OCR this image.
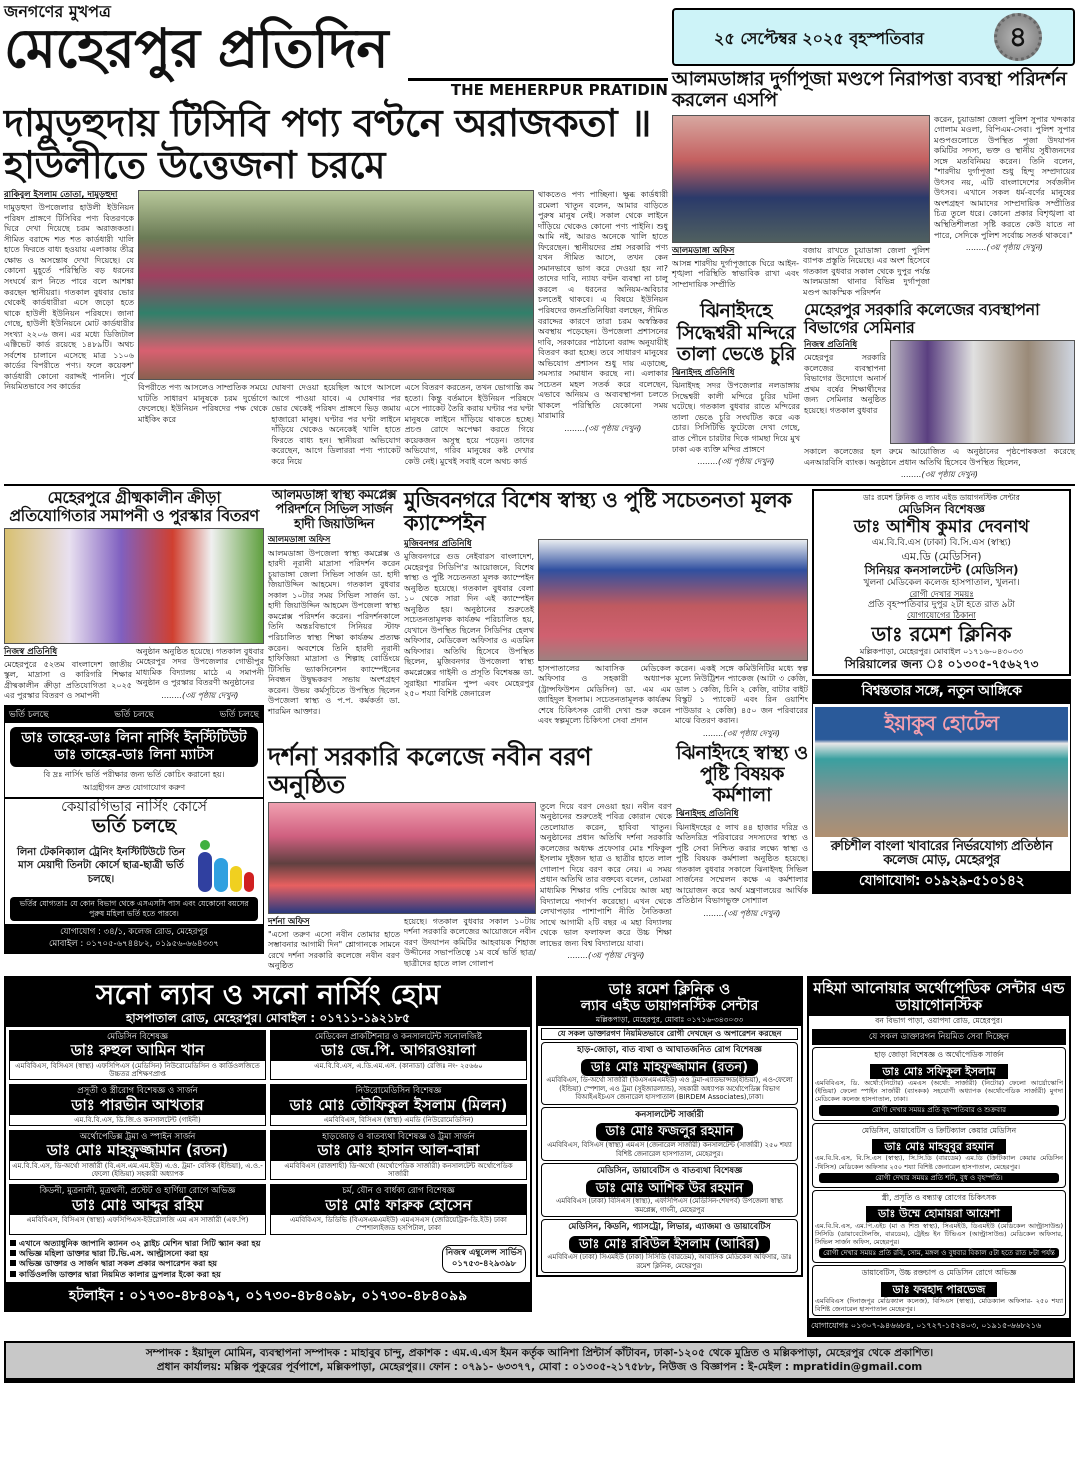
জনগণের মুখপত্র
মেহেরপুর প্রতিদিন
THE MEHERPUR PRATIDIN
দামুড়হুদায় টিসিবি পণ্য বণ্টনে অরাজকতা ॥ হাউলীতে উত্তেজনা চরমে
রাকিবুল ইসলাম তোতা, দামুড়হুদা
দামুড়হুদা উপজেলার হাউলী ইউনিয়ন পরিষদ প্রাঙ্গণে টিসিবির পণ্য বিতরণকে ঘিরে দেখা দিয়েছে চরম অরাজকতা। সীমিত বরাদ্দে শত শত কার্ডধারী খালি হাতে ফিরতে বাধ্য হওয়ায় এলাকায় তীব্র ক্ষোভ ও অসন্তোষ দেখা দিয়েছে। যে কোনো মুহূর্তে পরিস্থিতি বড় ধরনের সংঘর্ষে রূপ নিতে পারে বলে আশঙ্কা করছেন স্থানীয়রা। গতকাল বুধবার ভোর থেকেই কার্ডধারীরা এসে জড়ো হতে থাকে হাউলী ইউনিয়ন পরিষদে। জানা গেছে, হাউলী ইউনিয়নে মোট কার্ডধারীর সংখ্যা ২২০৬ জন। এর মধ্যে ডিজিটাল এক্টিভেট কার্ড রয়েছে ১৪৮৯টি। অথচ সর্বশেষ চালানে এসেছে মাত্র ১১০৬ কার্ডের বিপরীতে পণ্য। ফলে কয়েকশ' কার্ডধারী কোনো বরাদ্দই পাননি। পূর্বে নিয়মিতভাবে সব কার্ডের	বিপরীতে পণ্য আসলেও সাম্প্রতিক সময়ে ঘাটতি সাধারণ মানুষকে চরম দুর্ভোগে ফেলেছে। ইউনিয়ন পরিষদের পক্ষ থেকে মাইকিং করে
ঘোষণা দেওয়া হয়েছিল আগে আসলে আগে পাওয়া যাবে। এ ঘোষণার পর ভোর থেকেই পরিষদ প্রাঙ্গণে ভিড় জমায় হাজারো মানুষ। ঘণ্টার পর ঘণ্টা লাইনে দাঁড়িয়ে থেকেও অনেকেই খালি হাতে ফিরতে বাধ্য হন। স্থানীয়রা অভিযোগ করেছেন, আগে ডিলাররা পণ্য প্যাকেট করে নিয়ে
এসে বিতরণ করতেন, তখন ভোগান্তি কম হতো। কিন্তু বর্তমানে ইউনিয়ন পরিষদে এসে প্যাকেট তৈরি করায় ঘণ্টার পর ঘণ্টা মানুষকে লাইনে দাঁড়িয়ে থাকতে হচ্ছে। প্রচণ্ড রোদে অপেক্ষা করতে গিয়ে কয়েকজন অসুস্থ হয়ে পড়েন। তাদের অভিযোগ, গরিব মানুষের কষ্ট দেখার কেউ নেই। মুখেই সবাই বলে অথচ কার্ড
থাকতেও পণ্য পাচ্ছিনা। ক্ষুব্ধ কার্ডধারী রমেলা খাতুন বলেন, আমার বাড়িতে পুরুষ মানুষ নেই। সকাল থেকে লাইনে দাঁড়িয়ে থেকেও কোনো পণ্য পাইনি। শুধু আমি নই, আরও অনেকে খালি হাতে ফিরেছেন। স্থানীয়দের প্রশ্ন সরকারি পণ্য যখন সীমিত আসে, তখন কেন সমানভাবে ভাগ করে দেওয়া হয় না? তাদের দাবি, ন্যায্য বণ্টন ব্যবস্থা না চালু করলে এ ধরনের অনিয়ম-অবিচার চলতেই থাকবে। এ বিষয়ে ইউনিয়ন পরিষদের জনপ্রতিনিধিরা বলছেন, সীমিত বরাদ্দের কারণে তারা চরম অস্বস্তিকর অবস্থায় পড়েছেন। উপজেলা প্রশাসনের দাবি, সরকারের পাঠানো বরাদ্দ অনুযায়ীই বিতরণ করা হচ্ছে। তবে সাধারণ মানুষের অভিযোগ প্রশাসন শুধু দায় এড়াচ্ছে, সমস্যার সমাধান করছে না। এলাকার সচেতন মহল সতর্ক করে বলেছেন, এভাবে অনিয়ম ও অব্যবস্থাপনা চলতে থাকলে পরিস্থিতি যেকোনো সময় মারামারি
........(৩য় পৃষ্ঠায় দেখুন)
২৫ সেপ্টেম্বর ২০২৫ বৃহস্পতিবার	৪
আলমডাঙ্গার দুর্গাপূজা মণ্ডপে নিরাপত্তা ব্যবস্থা পরিদর্শন করলেন এসপি
আলমডাঙ্গা অফিস
আসন্ন শারদীয় দুর্গাপূজাকে ঘিরে আইন-শৃঙ্খলা পরিস্থিতি স্বাভাবিক রাখা এবং সাম্প্রদায়িক সম্প্রীতি
বজায় রাখতে চুয়াডাঙ্গা জেলা পুলিশ ব্যাপক প্রস্তুতি নিয়েছে। এর অংশ হিসেবে গতকাল বুধবার সকাল থেকে দুপুর পর্যন্ত আলমডাঙ্গা থানার বিভিন্ন দুর্গাপূজা মণ্ডপ আকস্মিক পরিদর্শন
করেন, চুয়াডাঙ্গা জেলা পুলিশ সুপার খন্দকার গোলাম মওলা, বিপিএম-সেবা। পুলিশ সুপার মণ্ডপগুলোতে উপস্থিত পূজা উদযাপন কমিটির সদস্য, ভক্ত ও স্থানীয় সুধীজনদের সঙ্গে মতবিনিময় করেন। তিনি বলেন, "শারদীয় দুর্গাপূজা শুধু হিন্দু সম্প্রদায়ের উৎসব নয়, এটি বাংলাদেশের সর্বজনীন উৎসব। এখানে সকল ধর্ম-বর্ণের মানুষের অংশগ্রহণ আমাদের সাম্প্রদায়িক সম্প্রীতির চিত্র তুলে ধরে। কোনো প্রকার বিশৃঙ্খলা বা অস্থিতিশীলতা সৃষ্টি করতে কেউ যাতে না পারে, সেদিকে পুলিশ সর্বোচ্চ সতর্ক থাকবে।"
........(৩য় পৃষ্ঠায় দেখুন)
ঝিনাইদহে সিদ্ধেশ্বরী মন্দিরে তালা ভেঙে চুরি
ঝিনাইদহ প্রতিনিধি
ঝিনাইদহ সদর উপজেলার নলডাঙ্গায় সিদ্ধেশ্বরী কালী মন্দিরে চুরির ঘটনা ঘটেছে। গতকাল বুধবার রাতে মন্দিরের তালা ভেঙে চুরি সংঘটিত করে এক চোর। সিসিটিভি ফুটেজে দেখা গেছে, রাত পৌনে চারটার দিকে গামছা দিয়ে মুখ ঢাকা এক ব্যক্তি মন্দির প্রাঙ্গণে
........(৩য় পৃষ্ঠায় দেখুন)
মেহেরপুর সরকারি কলেজের ব্যবস্থাপনা বিভাগের সেমিনার
নিজস্ব প্রতিনিধি
মেহেরপুর সরকারি কলেজের ব্যবস্থাপনা বিভাগের উদ্যোগে অনার্স প্রথম বর্ষের শিক্ষার্থীদের জন্য সেমিনার অনুষ্ঠিত হয়েছে। গতকাল বুধবার
সকালে কলেজের হল রুমে আয়োজিত এ অনুষ্ঠানের পৃষ্ঠপোষকতা করেছে এনআরবিসি ব্যাংক। অনুষ্ঠানে প্রধান অতিথি হিসেবে উপস্থিত ছিলেন,
........(৩য় পৃষ্ঠায় দেখুন)
মেহেরপুরে গ্রীষ্মকালীন ক্রীড়া প্রতিযোগিতার সমাপনী ও পুরস্কার বিতরণ
নিজস্ব প্রতিনিধি
মেহেরপুরে ৫২তম বাংলাদেশ জাতীয় স্কুল, মাদ্রাসা ও কারিগরি শিক্ষার গ্রীষ্মকালীন ক্রীড়া প্রতিযোগিতা ২০২৫ এর পুরস্কার বিতরণ ও সমাপনী
অনুষ্ঠান অনুষ্ঠিত হয়েছে। গতকাল বুধবার মেহেরপুর সদর উপজেলার গোভীপুর মাধ্যমিক বিদ্যালয় মাঠে এ সমাপনী অনুষ্ঠান ও পুরস্কার বিতরণী অনুষ্ঠানের
........(৩য় পৃষ্ঠায় দেখুন)
ভর্তি চলছে	ভর্তি চলছে	ভর্তি চলছে
ডাঃ তাহের-ডাঃ লিনা নার্সিং ইনস্টিটিউট
ডাঃ তাহের-ডাঃ লিনা ম্যাটস
বি দ্রঃ নার্সিং ভর্তি পরীক্ষার জন্য ভর্তি কোচিং করানো হয়।
আগ্রহীগন দ্রুত যোগাযোগ করুণ
কেয়ারগিভার নার্সিং কোর্সে
ভর্তি চলছে
লিনা টেকনিক্যাল ট্রেনিং ইনস্টিটিউটে তিন মাস মেয়াদী তিনটা কোর্সে ছাত্র-ছাত্রী ভর্তি চলছে।
ভর্তির যোগ্যতাঃ যে কোন বিভাগ থেকে এসএসসি পাস এবং যেকোনো বয়সের পুরুষ মহিলা ভর্তি হতে পারবে।
যোগাযোগ : ৩৪/১, কলেজ রোড, মেহেরপুর
মোবাইল : ০১৭০৫-৬৭৪৪৮২, ০১৯৫৬-৬৬৪৩৩৭
আলমডাঙ্গা স্বাস্থ্য কমপ্লেক্স পরিদর্শনে সিভিল সার্জন হাদী জিয়াউদ্দিন
আলমডাঙ্গা অফিস
আলমডাঙ্গা উপজেলা স্বাস্থ্য কমপ্লেক্স ও হারদী নূরানী মাদ্রাসা পরিদর্শন করেন চুয়াডাঙ্গা জেলা সিভিল সার্জন ডা. হাদী জিয়াউদ্দিন আহমেদ। গতকাল বুধবার সকাল ১০টার সময় সিভিল সার্জন ডা. হাদী জিয়াউদ্দিন আহমেদ উপজেলা স্বাস্থ্য কমপ্লেক্স পরিদর্শন করেন। পরিদর্শনকালে তিনি অন্তঃবিভাগে সিনিয়র স্টাফ পরিচালিত স্বাস্থ্য শিক্ষা কার্যক্রম প্রত্যক্ষ করেন। অবশেষে তিনি হারদী নূরানী হাফিজিয়া মাদ্রাসা ও শিল্পাহ বোর্ডিংয়ে টিসিভি ভ্যাকসিনেশন ক্যাম্পেইনের নিবন্ধন উদ্বুদ্ধকরণ সভায় অংশগ্রহণ করেন। উভয় কর্মসূচিতে উপস্থিত ছিলেন উপজেলা স্বাস্থ্য ও প.প. কর্মকর্তা ডা. শারমিন আক্তার।
মুজিবনগরে বিশেষ স্বাস্থ্য ও পুষ্টি সচেতনতা মূলক ক্যাম্পেইন
মুজিবনগর প্রতিনিধি
মুজিবনগরে গুড নেইবারস বাংলাদেশ, মেহেরপুর সিডিপি'র আয়োজনে, বিশেষ স্বাস্থ্য ও পুষ্টি সচেতনতা মূলক ক্যাম্পেইন অনুষ্ঠিত হয়েছে। গতকাল বুধবার বেলা ১০ থেকে সারা দিন এই ক্যাম্পেইন অনুষ্ঠিত হয়। অনুষ্ঠানের শুরুতেই সচেতনতামূলক কার্যক্রম পরিচালিত হয়, যেখানে উপস্থিত ছিলেন সিডিপির হেলথ অফিসার, মেডিকেল অফিসার ও এডমিন অফিসার। অতিথি হিসেবে উপস্থিত ছিলেন, মুজিবনগর উপজেলা স্বাস্থ্য কমপ্লেক্সের গাইনী ও প্রসূতি বিশেষজ্ঞ ডা. সুরাইয়া শারমিন পুষ্প এবং মেহেরপুর ২৫০ শয্যা বিশিষ্ট জেনারেল
হাসপাতালের আবাসিক মেডিকেল অফিসার ও সহকারী অধ্যাপক (ট্রান্সফিউশন মেডিসিন) ডা. এম এম জাহিদুল ইসলাম। সচেতনতামূলক কার্যক্রম শেষে চিকিৎসক রোগী দেখা শুরু করেন এবং স্বল্পমূল্যে চিকিৎসা সেবা প্রদান
করেন। একই সঙ্গে কমিউনিটির মধ্যে স্বল্প মূল্যে নিউট্রিশন প্যাকেজ (আটা ৩ কেজি, ডাল ১ কেজি, চিনি ২ কেজি, বাটার বাইট বিস্কুট ১ প্যাকেট এবং রিন ওয়াশিং পাউডার ২ কেজি) ৪৫০ জন পরিবারের মাঝে বিতরণ করান।
........(৩য় পৃষ্ঠায় দেখুন)
দর্শনা সরকারি কলেজে নবীন বরণ অনুষ্ঠিত
দর্শনা অফিস
"এসো তরুণ এসো নবীন তোমার হাতে সম্ভাবনার আগামী দিন" শ্লোগানকে সামনে রেখে দর্শনা সরকারি কলেজে নবীন বরণ অনুষ্ঠিত
হয়েছে। গতকাল বুধবার সকাল ১০টায় দর্শনা সরকারি কলেজের আয়োজনে নবীন বরণ উদযাপন কমিটির আহবায়ক শিহাজ উদ্দীনের সভাপতিত্বে ১ম বর্ষে ভর্তি ছাত্র/ছাত্রীদের হাতে লাল গোলাপ
তুলে দিয়ে বরণ নেওয়া হয়। নবীন বরণ অনুষ্ঠানের শুরুতেই পবিত্র কোরান থেকে তেলোয়াত করেন, হাবিবা খাতুন। অনুষ্ঠানের প্রধান অতিথি দর্শনা সরকারি কলেজের অধ্যক্ষ প্রফেসার মোঃ শফিকুল ইসলাম দুইজন ছাত্র ও ছাত্রীর হাতে লাল গোলাপ দিয়ে বরণ করে নেয়। এ সময় প্রধান অতিথি তার বক্তব্যে বলেন, তোমরা মাধ্যমিক শিক্ষার গন্ডি পেরিয়ে আজ মহা বিদ্যালয়ে পদার্পণ করেছো। এখন থেকে লেখাপড়ার পাশাপাশি নীতি নৈতিকতা সাথে আগামী ২টি বছর এ মহা বিদ্যালয় থেকে ভাল ফলাফল করে উচ্চ শিক্ষা লাভের জন্য বিশ্ব বিদ্যালয়ে যাবা।
........(৩য় পৃষ্ঠায় দেখুন)
ঝিনাইদহে স্বাস্থ্য ও পুষ্টি বিষয়ক কর্মশালা
ঝিনাইদহ প্রতিনিধি
ঝিনাইদহের ৫ লাখ ৪৪ হাজার দরিদ্র ও অতিদরিদ্র পরিবারের সদস্যদের স্বাস্থ্য ও পুষ্টি সেবা নিশ্চিত করার লক্ষ্যে স্বাস্থ্য ও পুষ্টি বিষয়ক কর্মশালা অনুষ্ঠিত হয়েছে। গতকাল বুধবার সকালে ঝিনাইদহ সিভিল সার্জনের সম্মেলন কক্ষে এ কর্মশালার আয়োজন করে অর্থ মন্ত্রণালয়ের আর্থিক প্রতিষ্ঠান বিভাগভুক্ত সোশ্যাল
........(৩য় পৃষ্ঠায় দেখুন)
ডাঃ রমেশ ক্লিনিক ও ল্যাব এইড ডায়াগনস্টিক সেন্টার
মেডিসিন বিশেষজ্ঞ
ডাঃ আশীষ কুমার দেবনাথ
এম.বি.বি.এস (ঢাকা) বি.সি.এস (স্বাস্থ্য)
এম.ডি (মেডিসিন)
সিনিয়র কনসালটেন্ট (মেডিসিন)
খুলনা মেডিকেল কলেজ হাসপাতাল, খুলনা।
রোগী দেখার সময়ঃ
প্রতি বৃহস্পতিবার দুপুর ২টা হতে রাত ৯টা
যোগাযোগের ঠিকানা
ডাঃ রমেশ ক্লিনিক
মল্লিকপাড়া, মেহেরপুর। মোবাইল ০১৭১৬-০৪৩০৩৩
সিরিয়ালের জন্য ঃ ০১৩০৫-৭৫৬২৭৩
বিশ্বস্ততার সঙ্গে, নতুন আঙ্গিকে
ইয়াকুব হোটেল
রুচিশীল বাংলা খাবারের নির্ভরযোগ্য প্রতিষ্ঠান
কলেজ মোড়, মেহেরপুর
যোগাযোগ: ০১৯২৯-৫১০১৪২
সনো ল্যাব ও সনো নার্সিং হোম
হাসপাতাল রোড, মেহেরপুর। মোবাইল : ০১৭১১-১৯২১৮৫
মেডিসিন বিশেষজ্ঞ
ডাঃ রুহুল আমিন খান
এমবিবিএস, বিসিএস (স্বাস্থ্য) এফসিপিএস (মেডিসিন) নিউরোমেডিসিন ও কার্ডিওলজিতে উচ্চতর প্রশিক্ষণপ্রাপ্ত
মেডিকেল প্রাকটিশনার ও কনসালটেন্ট সনোলজিষ্ট
ডাঃ জে.পি. আগরওয়ালা
এম.বি.বি.এস, এ.ডি.এম.এস. (কানাডা) রেজিঃ নং- ২৫৬৬০
প্রসূতী ও স্ত্রীরোগ বিশেষজ্ঞ ও সার্জন
ডাঃ পারভীন আখতার
এম.বি.বি.এস, ডি.জি.ও কনসালটেন্ট (গাইনী)
নিউরোমেডিসিন বিশেষজ্ঞ
ডাঃ মোঃ তৌফিকুল ইসলাম (মিলন)
এমবিবিএস, বিসিএস (স্বাস্থ্য) এমডি (নিউরোমেডিসিন)
অর্থোপেডিক্স ট্রমা ও স্পাইন সার্জন
ডাঃ মোঃ মাহফুজ্জামান (রতন)
এম.বি.বি.এস, ডি-অর্থো সার্জারী (বি.এস.এম.এম.ইউ) এ.ও. ট্রমা- বেসিক (ইন্ডিয়া), এ.ও.- ফেলো (ইন্ডিয়া) সহকারী অধ্যাপক
হাড়জোড় ও বাতব্যথা বিশেষজ্ঞ ও ট্রমা সার্জন
ডাঃ মোঃ হাসান আল-বান্না
এমবিবিএস (রাজশাহী) ডি-অর্থো (অর্থোপেডিক সার্জারী) কনসালটেন্ট অর্থোপেডিক সার্জারী
কিডনী, মুত্রনালী, মুত্রথলী, প্রস্টেট ও হার্ণিয়া রোগে অভিজ্ঞ
ডাঃ মোঃ আব্দুর রহিম
এমবিবিএস, বিসিএস (স্বাস্থ্য) এফসিপিএস-ইউরোলজি এম এস সার্জারী (এফ.পি)
চর্ম, যৌন ও বার্ধক্য রোগ বিশেষজ্ঞ
ডাঃ মোঃ ফারুক হোসেন
এমবিবিএস, ডিডিভি (বিএসএমএমইউ) এমএসএস (জেরিয়েট্রিক-ডি.ইউ) ঢাকা স্পেশালাইজড হসপিটাল, ঢাকা
এখানে অত্যাধুনিক জাপানি ক্যানন ৩২ স্লাইচ মেশিন দ্বারা সিটি স্ক্যান করা হয়
অভিজ্ঞ মহিলা ডাক্তার দ্বারা টি.ভি.এস. আল্ট্রাসনো করা হয়
অভিজ্ঞ ডাক্তার ও সার্জন দ্বারা সকল প্রকার অপারেশন করা হয়
কার্ডিওলজি ডাক্তার দ্বারা নিয়মিত কালার ড্রপলার ইকো করা হয়
নিজস্ব এম্বুলেন্স সার্ভিস
০১৭৫৩-৪২৯৩৯৮
হটলাইন : ০১৭৩০-৪৮৪০৯৭, ০১৭৩০-৪৮৪০৯৮, ০১৭৩০-৪৮৪০৯৯
ডাঃ রমেশ ক্লিনিক ও
ল্যাব এইড ডায়াগনস্টিক সেন্টার
মল্লিকপাড়া, মেহেরপুর, মোবাঃ ০১৭১৬-৩৪৩০৩৩
যে সকল ডাক্তারগণ নিয়মিতভাবে রোগী দেখছেন ও অপারেশন করছেন
হাড়-জোড়া, বাত ব্যথা ও আঘাতজনিত রোগ বিশেষজ্ঞ
ডাঃ মোঃ মাহফুজ্জামান (রতন)
এমবিবিএস, ডি-অর্থো সার্জারী (বিএসএমএমইউ) এও ট্রমা-এ্যাডভান্সড(ইন্ডিয়া), এও-ফেলো (ইন্ডিয়া) স্পেশাল, এও ট্রমা (সুইজারল্যান্ড), সহকারী অধ্যাপক অর্থোপেডিক্স বিভাগ বিআইএইচএস জেনারেল হাসপাতাল (BIRDEM Associates),ঢাকা।
কনসালটেন্ট সার্জারী
ডাঃ মোঃ ফজলুর রহমান
এমবিবিএস, বিসিএস (স্বাস্থ্য) এমএস (জেনারেল সার্জারী) কনসালটেন্ট (সার্জারী) ২৫০ শয্যা বিশিষ্ট জেনারেল হাসপাতাল, মেহেরপুর।
মেডিসিন, ডায়াবেটিস ও বাতব্যথা বিশেষজ্ঞ
ডাঃ মোঃ আশিক উর রহমান
এমবিবিএস (ঢাকা) বিসিএস (স্বাস্থ্য), এফসিপিএস (মেডিসিন-শেষপর্ব) উপজেলা স্বাস্থ্য কমপ্লেক্স, গাংনী, মেহেরপুর
মেডিসিন, কিডনি, গ্যাসট্রো, লিভার, এ্যাজমা ও ডায়াবেটিস
ডাঃ মোঃ রবিউল ইসলাম (আবির)
এমবিবিএস (ঢাকা) সিএমইউ (ঢাকা) সিসিডি (বারডেম), আবাসিক মেডিকেল অফিসার, ডাঃ রমেশ ক্লিনিক, মেহেরপুর।
মহিমা আনোয়ার অর্থোপেডিক সেন্টার এন্ড ডায়াগোনস্টিক
বন বিভাগ পাড়া, ওয়াপদা রোড, মেহেরপুর।
যে সকল ডাক্তারগন নিয়মিত সেবা দিচ্ছেন
হাড় জোড়া বিশেষজ্ঞ ও অর্থোপেডিক সার্জন
ডাঃ মোঃ সফিকুল ইসলাম
এমবিবিএস, ডি. অর্থো:(নিটোর) এমএস (অর্থো: সার্জারী) (নিটোর) ফেলো আর্থ্রোস্কোপি (ইন্ডিয়া) ফেলো স্পাইন সার্জারী (ব্যাংকক) সহযোগী অধ্যাপক (অর্থোপেডিক সার্জারী) মুগদা মেডিকেল কলেজ হাসপাতাল, ঢাকা।
রোগী দেখার সময়ঃ প্রতি বৃহস্পতিবার ও শুক্রবার
মেডিসিন, ডায়াবেটিস ও ক্রিটিক্যাল কেয়ার মেডিসিন
ডাঃ মোঃ মাহবুবুর রহমান
এম.বি.বি.এস, বি.সি.এস (স্বাস্থ্য), সি.সি.ডি (বারডেম) এম.ডি (ক্রিটিক্যাল কেয়ার মেডিসিন -থিসিস) মেডিকেল অফিসার ২৫০ শয্যা বিশিষ্ট জেনারেল হাসপাতাল, মেহেরপুর।
রোগী দেখার সময়ঃ প্রতি শনি, বুধ ও বৃহস্পতি।
স্ত্রী, প্রসূতি ও বন্ধ্যাত্ব রোগের চিকিৎসক
ডাঃ উম্মে হোমায়রা আয়েশা
এম.বি.বি.এস, এম.পি.এইচ (মা ও শিশু স্বাস্থ্য), সিএমইউ, ডিএমইউ (মেডিকেল আল্ট্রাসাউন্ড) সিসিডি (ডায়াবেটোলজি, বারডেম), ট্রেইন্ড ইন টিভিএস (আল্ট্রাসাউন্ড) মেডিকেল অফিসার, সিভিল সার্জন অফিস, মেহেরপুর।
রোগী দেখার সময়ঃ প্রতি রবি, সোম, মঙ্গল ও বুধবার বিকাল ৫টা হতে রাত ৮টা পর্যন্ত
ডায়াবেটিস, উচ্চ রক্তচাপ ও মেডিসিন রোগে অভিজ্ঞ
ডাঃ ফরহাদ পারভেজ
এমবিবিএস (দিনাজপুর মেডিক্যাল কলেজ), বিসিএস (স্বাস্থ্য), মেডিক্যাল অফিসার- ২৫০ শয্যা বিশিষ্ট জেনারেল হাসপাতাল মেহেরপুর।
যোগাযোগঃ ০১৩০৭-৯৪৬৬৮৪, ০১৭২৭-১৫২৪০৩, ০১৯১৫-৬৬৮২১৬
সম্পাদক : ইয়াদুল মোমিন, ব্যবস্থাপনা সম্পাদক : মাহাবুব চান্দু, প্রকাশক : এম.এ.এস ইমন কর্তৃক আনিশা প্রিন্টার্স কাঁটাবন, ঢাকা-১২০৫ থেকে মুদ্রিত ও মল্লিকপাড়া, মেহেরপুর থেকে প্রকাশিত।
প্রধান কার্যালয়: মল্লিক পুকুরের পূর্বপাশে, মল্লিকপাড়া, মেহেরপুর।। ফোন : ০৭৯১- ৬৩৩৭৭, মোবা : ০১৩০৫-২১৭৫৮৮, নিউজ ও বিজ্ঞাপন : ই-মেইল : mpratidin@gmail.com
